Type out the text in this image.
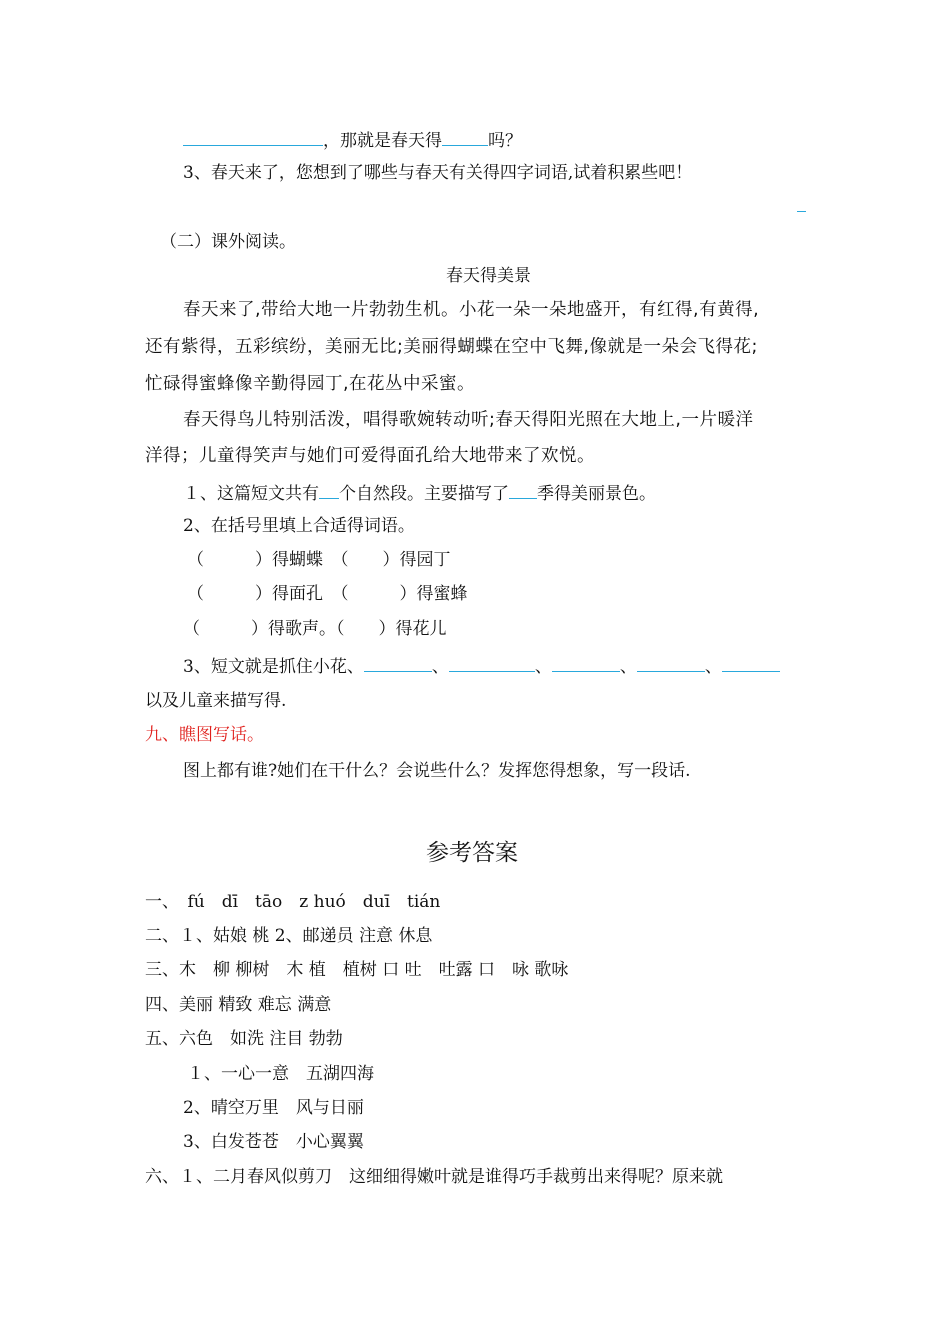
，那就是春天得	吗？
3、春天来了，您想到了哪些与春天有关得四字词语,试着积累些吧！
（二）课外阅读。
春天得美景
春天来了,带给大地一片勃勃生机。小花一朵一朵地盛开，有红得,有黄得,
还有紫得，五彩缤纷，美丽无比;美丽得蝴蝶在空中飞舞,像就是一朵会飞得花;
忙碌得蜜蜂像辛勤得园丁,在花丛中采蜜。
春天得鸟儿特别活泼，唱得歌婉转动听;春天得阳光照在大地上,一片暖洋
洋得；儿童得笑声与她们可爱得面孔给大地带来了欢悦。
１、这篇短文共有 个自然段。主要描写了 季得美丽景色。
2、在括号里填上合适得词语。
（　　　）得蝴蝶　（　　）得园丁
（　　　）得面孔　（　　　）得蜜蜂
（　　　）得歌声。（　　）得花儿
3、短文就是抓住小花、	、	、	、	、
以及儿童来描写得.
九、瞧图写话。
图上都有谁?她们在干什么？会说些什么？发挥您得想象，写一段话.
参考答案
一、　fú　dī　tāo　z huó　duī　tián
二、１、姑娘 桃 2、邮递员 注意 休息
三、木　柳 柳树　木 植　植树 口 吐　吐露 口　咏 歌咏
四、美丽 精致 难忘 满意
五、六色　如洗 注目 勃勃
１、一心一意　五湖四海
2、晴空万里　风与日丽
3、白发苍苍　小心翼翼
六、１、二月春风似剪刀　这细细得嫩叶就是谁得巧手裁剪出来得呢？原来就
